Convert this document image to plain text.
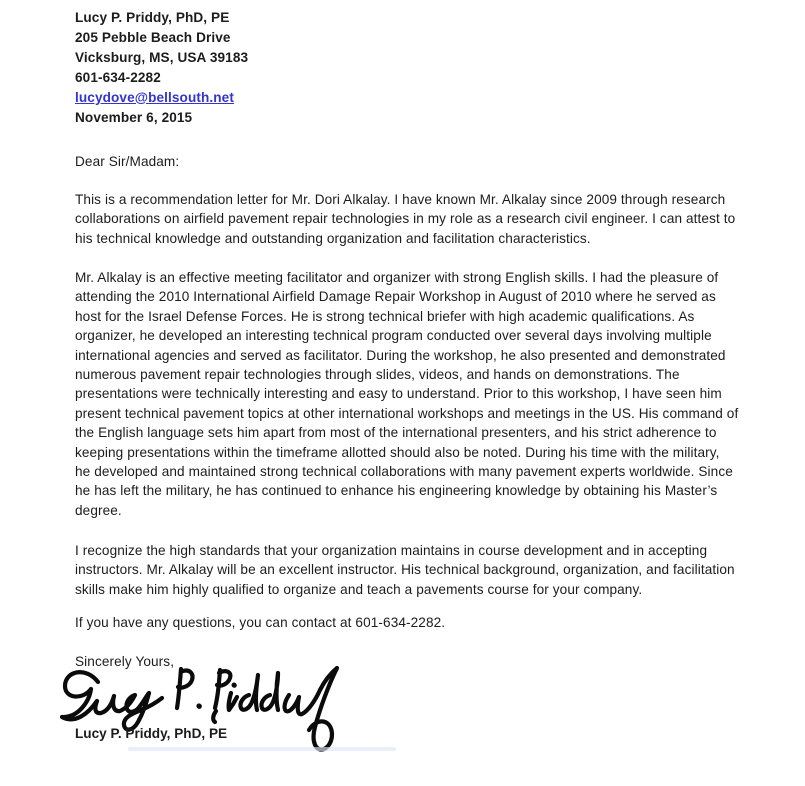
Lucy P. Priddy, PhD, PE
205 Pebble Beach Drive
Vicksburg, MS, USA 39183
601-634-2282
lucydove@bellsouth.net
November 6, 2015
Dear Sir/Madam:
This is a recommendation letter for Mr. Dori Alkalay. I have known Mr. Alkalay since 2009 through research
collaborations on airfield pavement repair technologies in my role as a research civil engineer. I can attest to
his technical knowledge and outstanding organization and facilitation characteristics.
Mr. Alkalay is an effective meeting facilitator and organizer with strong English skills. I had the pleasure of
attending the 2010 International Airfield Damage Repair Workshop in August of 2010 where he served as
host for the Israel Defense Forces. He is strong technical briefer with high academic qualifications. As
organizer, he developed an interesting technical program conducted over several days involving multiple
international agencies and served as facilitator. During the workshop, he also presented and demonstrated
numerous pavement repair technologies through slides, videos, and hands on demonstrations. The
presentations were technically interesting and easy to understand. Prior to this workshop, I have seen him
present technical pavement topics at other international workshops and meetings in the US. His command of
the English language sets him apart from most of the international presenters, and his strict adherence to
keeping presentations within the timeframe allotted should also be noted. During his time with the military,
he developed and maintained strong technical collaborations with many pavement experts worldwide. Since
he has left the military, he has continued to enhance his engineering knowledge by obtaining his Master’s
degree.
I recognize the high standards that your organization maintains in course development and in accepting
instructors. Mr. Alkalay will be an excellent instructor. His technical background, organization, and facilitation
skills make him highly qualified to organize and teach a pavements course for your company.
If you have any questions, you can contact at 601-634-2282.
Sincerely Yours,
Lucy P. Priddy, PhD, PE
